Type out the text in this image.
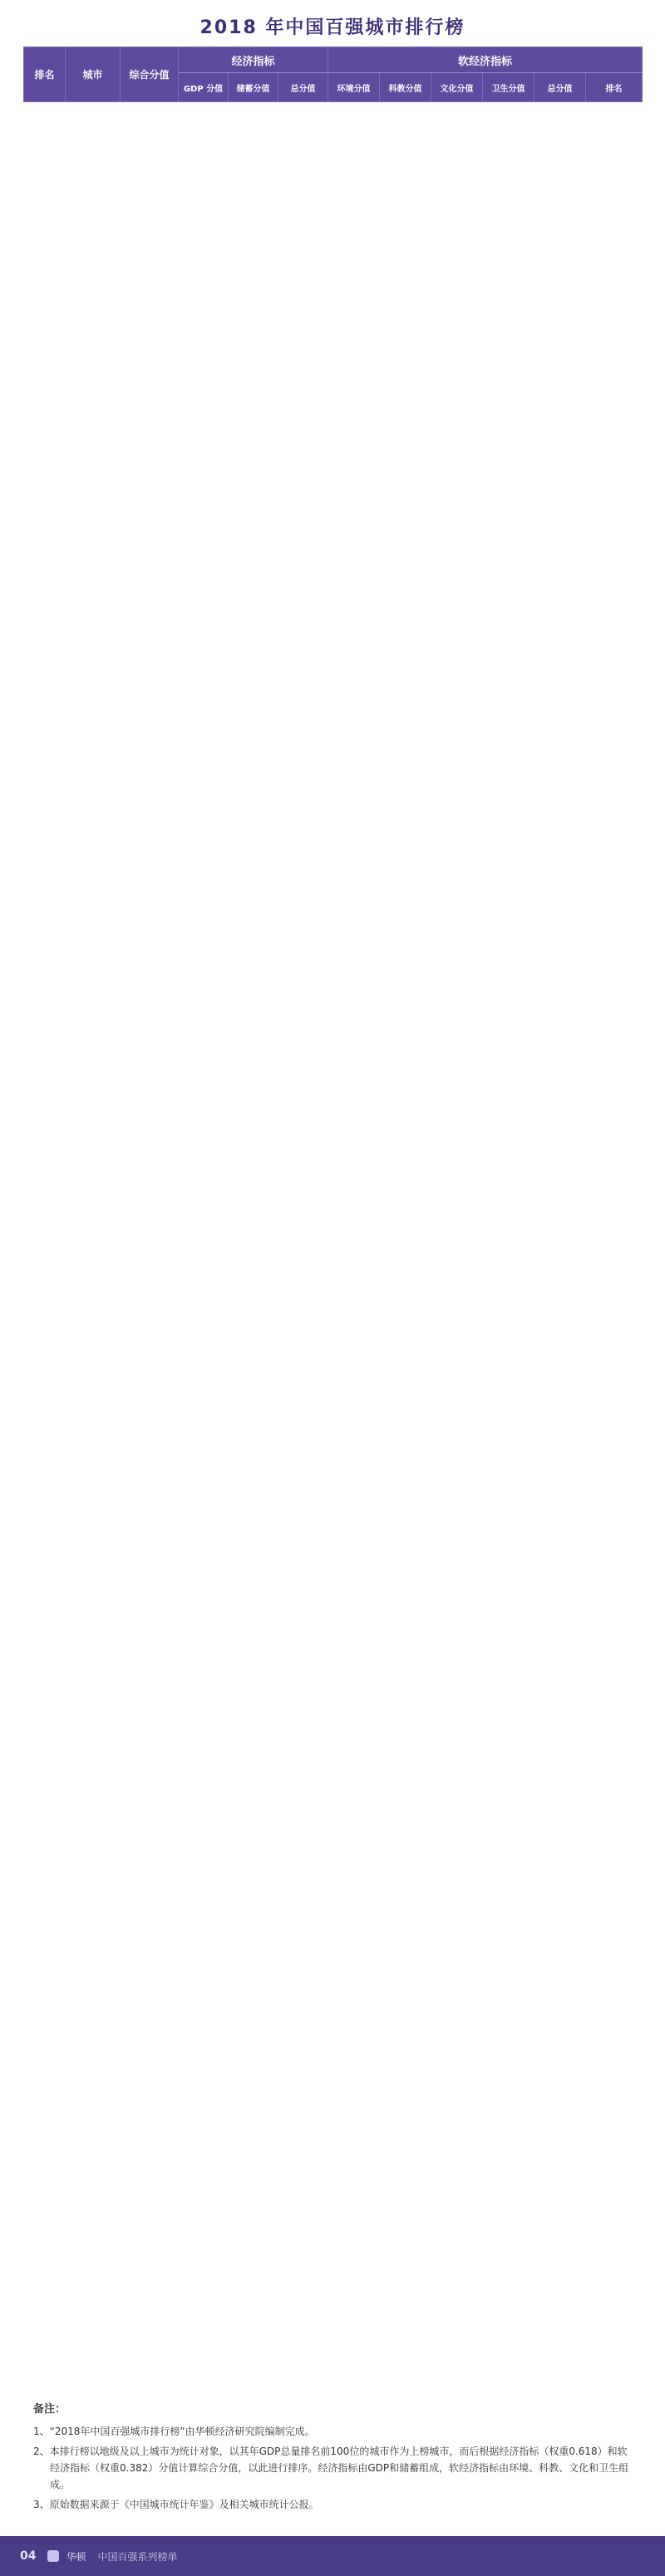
2018 年中国百强城市排行榜
排名	城市	综合分值	经济指标			软经济指标					
			GDP 分值	储蓄分值	总分值	环境分值	科教分值	文化分值	卫生分值	总分值	排名
备注：
1、“2018年中国百强城市排行榜”由华顿经济研究院编制完成。
2、本排行榜以地级及以上城市为统计对象，以其年GDP总量排名前100位的城市作为上榜城市，而后根据经济指标（权重0.618）和软经济指标（权重0.382）分值计算综合分值，以此进行排序。经济指标由GDP和储蓄组成，软经济指标由环境、科教、文化和卫生组成。
3、原始数据来源于《中国城市统计年鉴》及相关城市统计公报。
04	华顿 中国百强系列榜单
